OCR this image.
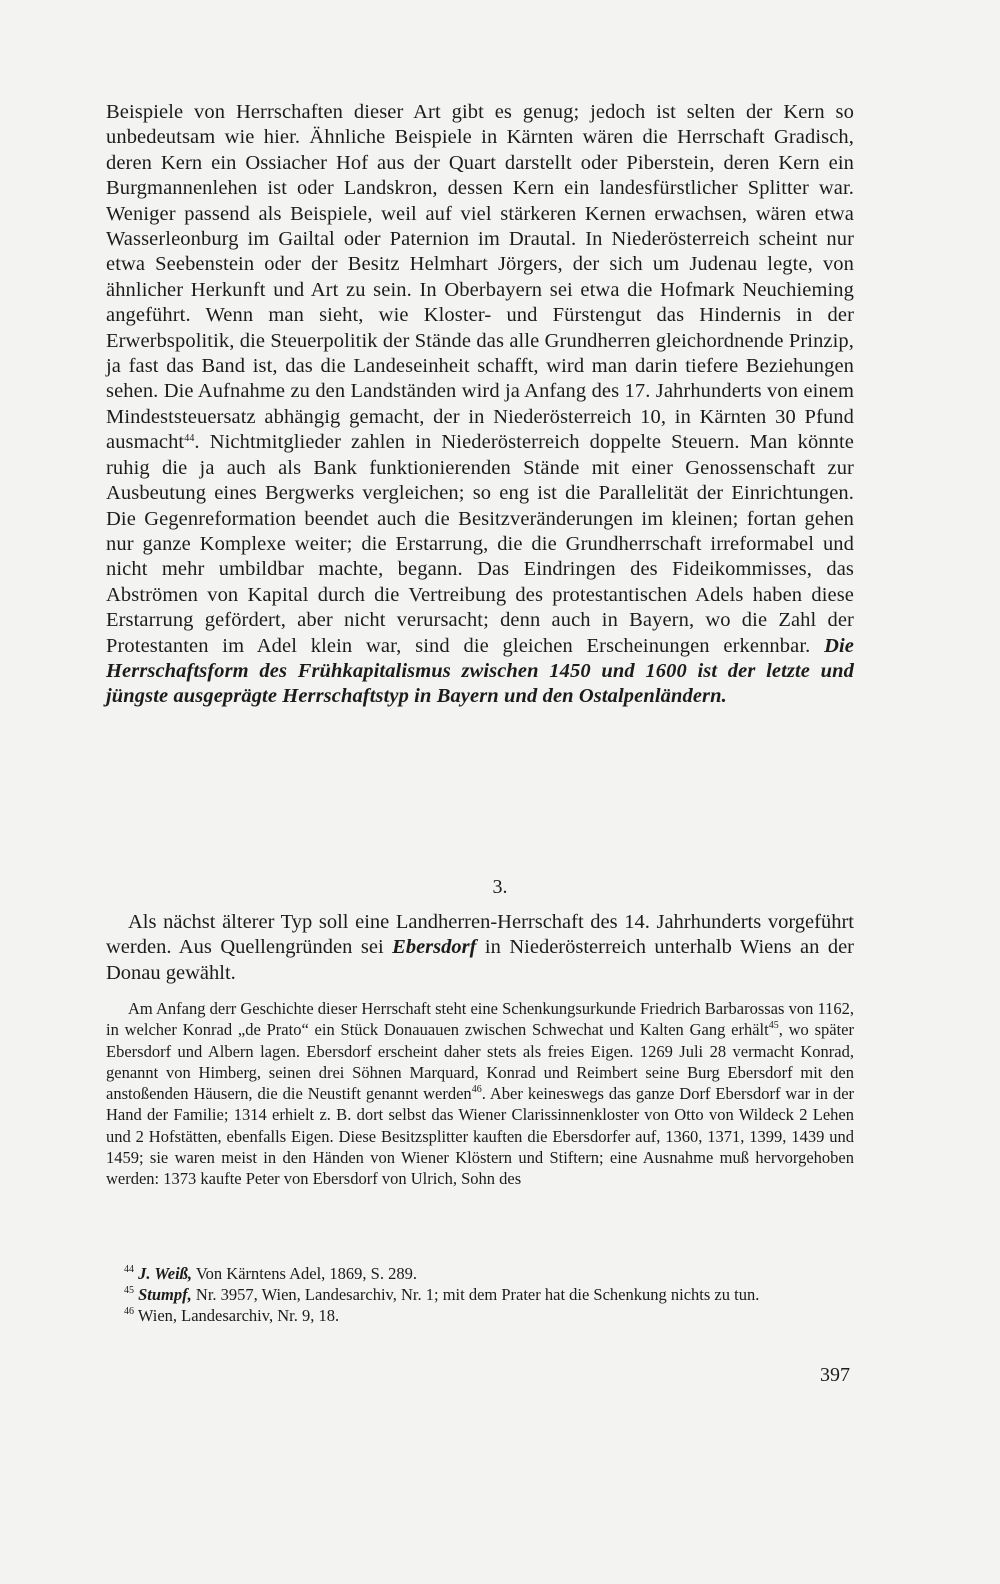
Beispiele von Herrschaften dieser Art gibt es genug; jedoch ist selten der Kern so unbedeutsam wie hier. Ähnliche Beispiele in Kärnten wären die Herrschaft Gradisch, deren Kern ein Ossiacher Hof aus der Quart darstellt oder Piberstein, deren Kern ein Burgmannenlehen ist oder Landskron, dessen Kern ein landesfürstlicher Splitter war. Weniger passend als Beispiele, weil auf viel stärkeren Kernen erwachsen, wären etwa Wasserleonburg im Gailtal oder Paternion im Drautal. In Niederösterreich scheint nur etwa Seebenstein oder der Besitz Helmhart Jörgers, der sich um Judenau legte, von ähnlicher Herkunft und Art zu sein. In Oberbayern sei etwa die Hofmark Neuchieming angeführt. Wenn man sieht, wie Kloster- und Fürstengut das Hindernis in der Erwerbspolitik, die Steuerpolitik der Stände das alle Grundherren gleichordnende Prinzip, ja fast das Band ist, das die Landeseinheit schafft, wird man darin tiefere Beziehungen sehen. Die Aufnahme zu den Landständen wird ja Anfang des 17. Jahrhunderts von einem Mindeststeuersatz abhängig gemacht, der in Niederösterreich 10, in Kärnten 30 Pfund ausmacht$^{44}$. Nichtmitglieder zahlen in Niederösterreich doppelte Steuern. Man könnte ruhig die ja auch als Bank funktionierenden Stände mit einer Genossenschaft zur Ausbeutung eines Bergwerks vergleichen; so eng ist die Parallelität der Einrichtungen. Die Gegenreformation beendet auch die Besitzveränderungen im kleinen; fortan gehen nur ganze Komplexe weiter; die Erstarrung, die die Grundherrschaft irreformabel und nicht mehr umbildbar machte, begann. Das Eindringen des Fideikommisses, das Abströmen von Kapital durch die Vertreibung des protestantischen Adels haben diese Erstarrung gefördert, aber nicht verursacht; denn auch in Bayern, wo die Zahl der Protestanten im Adel klein war, sind die gleichen Erscheinungen erkennbar. Die Herrschaftsform des Frühkapitalismus zwischen 1450 und 1600 ist der letzte und jüngste ausgeprägte Herrschaftstyp in Bayern und den Ostalpenländern.

3.

Als nächst älterer Typ soll eine Landherren-Herrschaft des 14. Jahrhunderts vorgeführt werden. Aus Quellengründen sei Ebersdorf in Niederösterreich unterhalb Wiens an der Donau gewählt.

Am Anfang derr Geschichte dieser Herrschaft steht eine Schenkungsurkunde Friedrich Barbarossas von 1162, in welcher Konrad „de Prato“ ein Stück Donauauen zwischen Schwechat und Kalten Gang erhält$^{45}$, wo später Ebersdorf und Albern lagen. Ebersdorf erscheint daher stets als freies Eigen. 1269 Juli 28 vermacht Konrad, genannt von Himberg, seinen drei Söhnen Marquard, Konrad und Reimbert seine Burg Ebersdorf mit den anstoßenden Häusern, die die Neustift genannt werden$^{46}$. Aber keineswegs das ganze Dorf Ebersdorf war in der Hand der Familie; 1314 erhielt z. B. dort selbst das Wiener Clarissinnenkloster von Otto von Wildeck 2 Lehen und 2 Hofstätten, ebenfalls Eigen. Diese Besitzsplitter kauften die Ebersdorfer auf, 1360, 1371, 1399, 1439 und 1459; sie waren meist in den Händen von Wiener Klöstern und Stiftern; eine Ausnahme muß hervorgehoben werden: 1373 kaufte Peter von Ebersdorf von Ulrich, Sohn des

$^{44}$ J. Weiß, Von Kärntens Adel, 1869, S. 289.

$^{45}$ Stumpf, Nr. 3957, Wien, Landesarchiv, Nr. 1; mit dem Prater hat die Schenkung nichts zu tun.

$^{46}$ Wien, Landesarchiv, Nr. 9, 18.

397
